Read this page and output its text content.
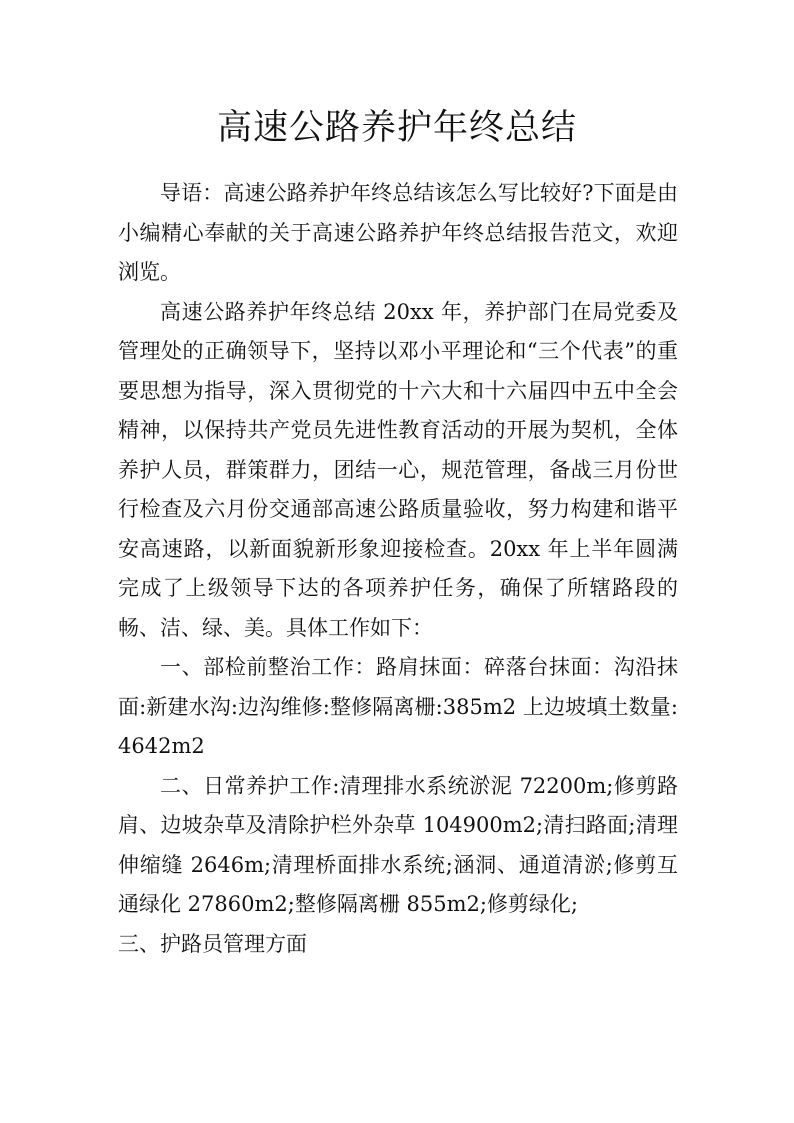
高速公路养护年终总结

导语：高速公路养护年终总结该怎么写比较好?下面是由小编精心奉献的关于高速公路养护年终总结报告范文，欢迎浏览。

高速公路养护年终总结 20xx 年，养护部门在局党委及管理处的正确领导下，坚持以邓小平理论和“三个代表”的重要思想为指导，深入贯彻党的十六大和十六届四中五中全会精神，以保持共产党员先进性教育活动的开展为契机，全体养护人员，群策群力，团结一心，规范管理，备战三月份世行检查及六月份交通部高速公路质量验收，努力构建和谐平安高速路，以新面貌新形象迎接检查。20xx 年上半年圆满完成了上级领导下达的各项养护任务，确保了所辖路段的畅、洁、绿、美。具体工作如下：

一、部检前整治工作：路肩抹面：碎落台抹面：沟沿抹面:新建水沟:边沟维修:整修隔离栅:385m2 上边坡填土数量:4642m2

二、日常养护工作:清理排水系统淤泥 72200m;修剪路肩、边坡杂草及清除护栏外杂草 104900m2;清扫路面;清理伸缩缝 2646m;清理桥面排水系统;涵洞、通道清淤;修剪互通绿化 27860m2;整修隔离栅 855m2;修剪绿化;

三、护路员管理方面
